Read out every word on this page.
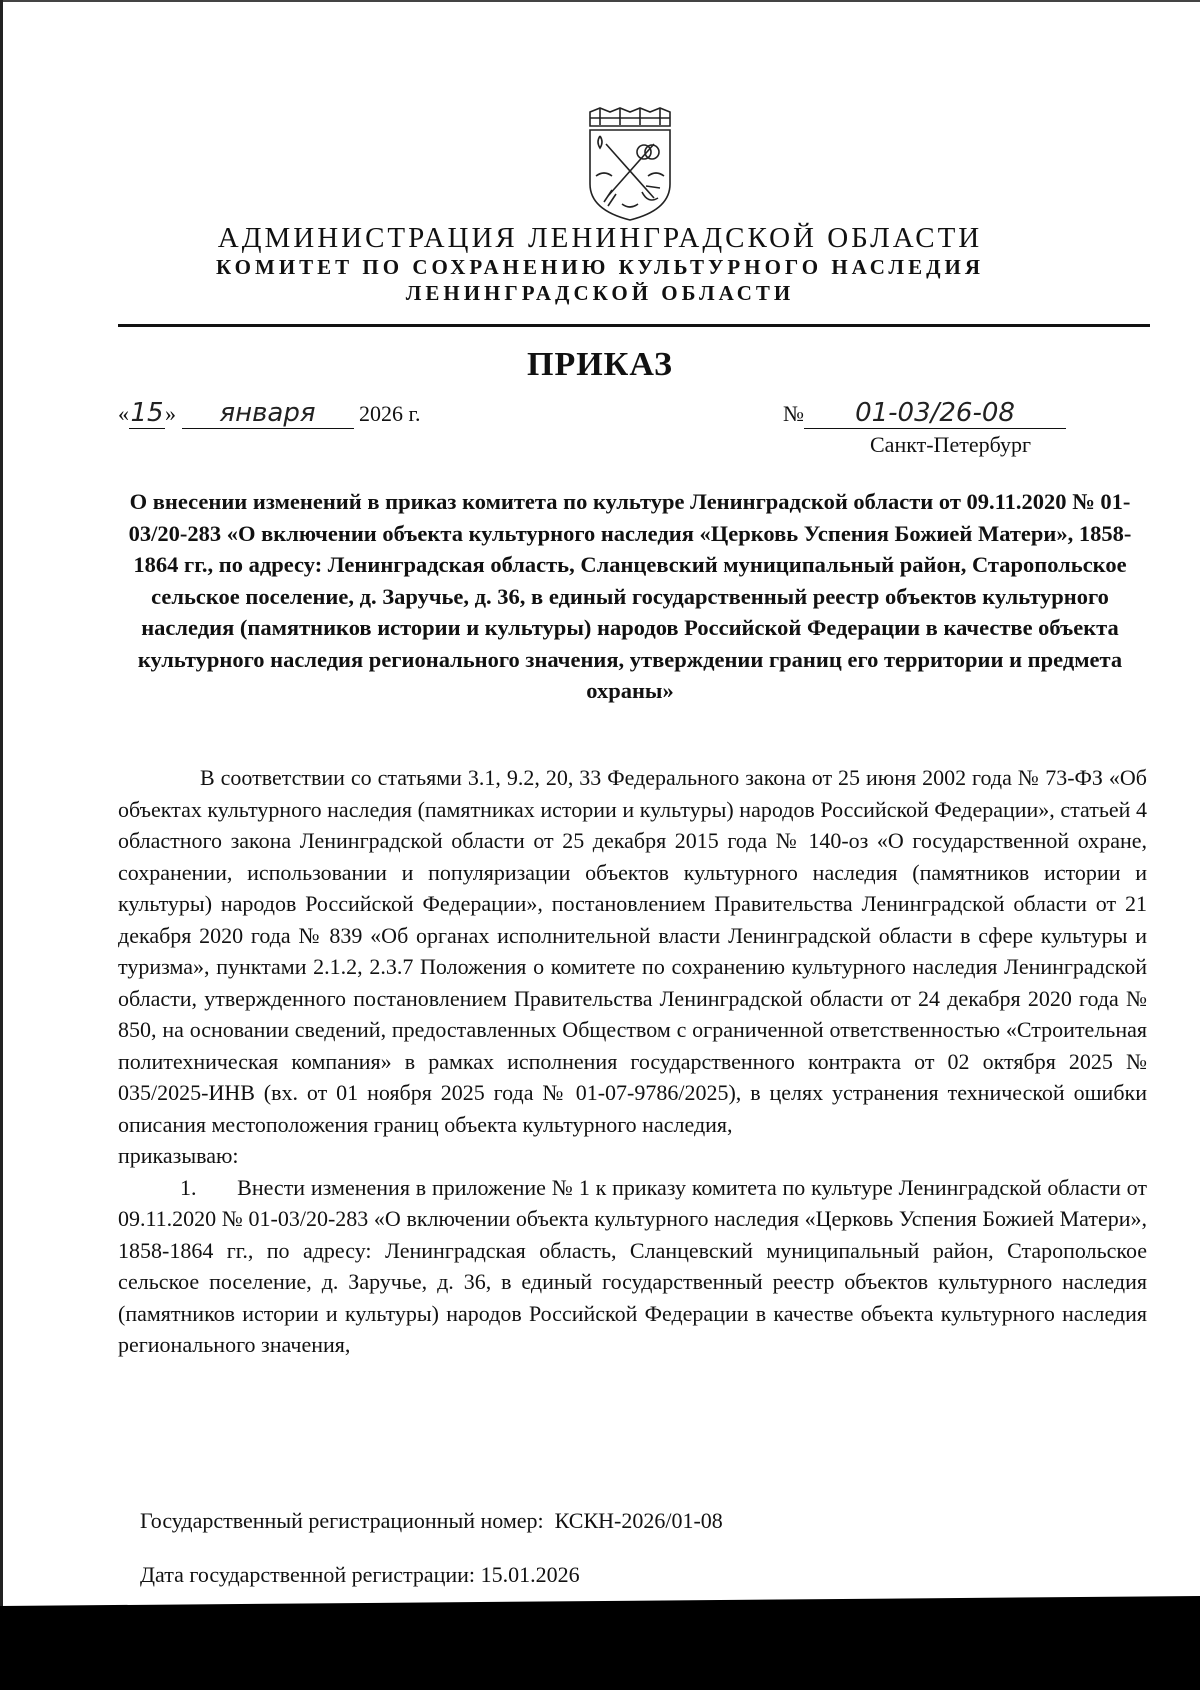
АДМИНИСТРАЦИЯ ЛЕНИНГРАДСКОЙ ОБЛАСТИ
КОМИТЕТ ПО СОХРАНЕНИЮ КУЛЬТУРНОГО НАСЛЕДИЯ
ЛЕНИНГРАДСКОЙ ОБЛАСТИ
ПРИКАЗ
«15» января 2026 г.	№ 01-03/26-08
Санкт-Петербург
О внесении изменений в приказ комитета по культуре Ленинградской области от 09.11.2020 № 01-03/20-283 «О включении объекта культурного наследия «Церковь Успения Божией Матери», 1858-1864 гг., по адресу: Ленинградская область, Сланцевский муниципальный район, Старопольское сельское поселение, д. Заручье, д. 36, в единый государственный реестр объектов культурного наследия (памятников истории и культуры) народов Российской Федерации в качестве объекта культурного наследия регионального значения, утверждении границ его территории и предмета охраны»

В соответствии со статьями 3.1, 9.2, 20, 33 Федерального закона от 25 июня 2002 года № 73-ФЗ «Об объектах культурного наследия (памятниках истории и культуры) народов Российской Федерации», статьей 4 областного закона Ленинградской области от 25 декабря 2015 года № 140-оз «О государственной охране, сохранении, использовании и популяризации объектов культурного наследия (памятников истории и культуры) народов Российской Федерации», постановлением Правительства Ленинградской области от 21 декабря 2020 года № 839 «Об органах исполнительной власти Ленинградской области в сфере культуры и туризма», пунктами 2.1.2, 2.3.7 Положения о комитете по сохранению культурного наследия Ленинградской области, утвержденного постановлением Правительства Ленинградской области от 24 декабря 2020 года № 850, на основании сведений, предоставленных Обществом с ограниченной ответственностью «Строительная политехническая компания» в рамках исполнения государственного контракта от 02 октября 2025 № 035/2025-ИНВ (вх. от 01 ноября 2025 года № 01-07-9786/2025), в целях устранения технической ошибки описания местоположения границ объекта культурного наследия,

приказываю:

1. Внести изменения в приложение № 1 к приказу комитета по культуре Ленинградской области от 09.11.2020 № 01-03/20-283 «О включении объекта культурного наследия «Церковь Успения Божией Матери», 1858-1864 гг., по адресу: Ленинградская область, Сланцевский муниципальный район, Старопольское сельское поселение, д. Заручье, д. 36, в единый государственный реестр объектов культурного наследия (памятников истории и культуры) народов Российской Федерации в качестве объекта культурного наследия регионального значения,

Государственный регистрационный номер: КСКН-2026/01-08
Дата государственной регистрации: 15.01.2026
